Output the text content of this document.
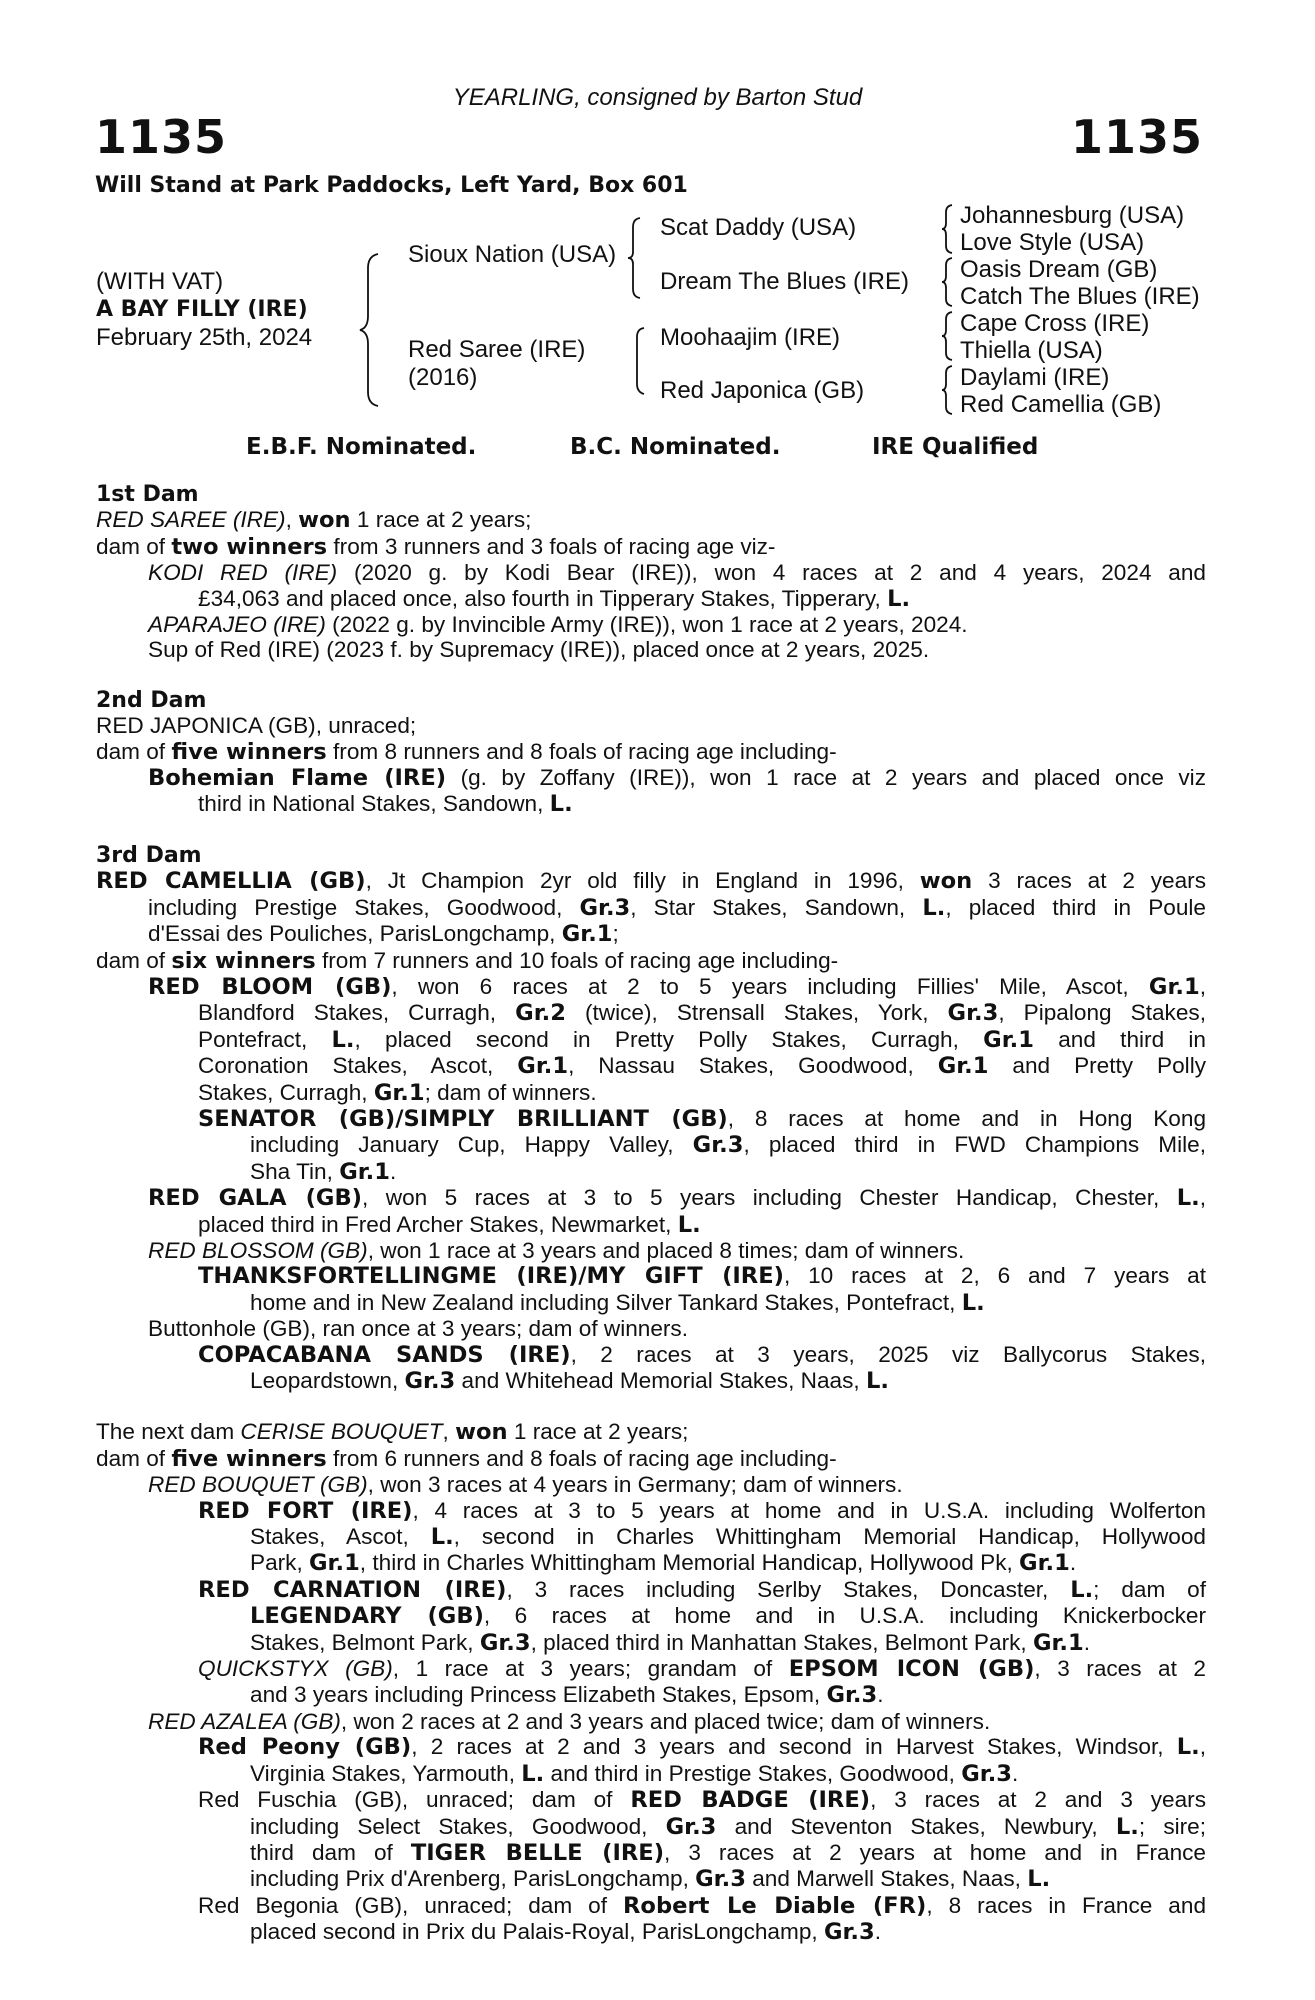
YEARLING, consigned by Barton Stud
1135	1135
Will Stand at Park Paddocks, Left Yard, Box 601
(WITH VAT)
A BAY FILLY (IRE)
February 25th, 2024
Sioux Nation (USA)
Red Saree (IRE)
(2016)
Scat Daddy (USA)
Dream The Blues (IRE)
Moohaajim (IRE)
Red Japonica (GB)
Johannesburg (USA)
Love Style (USA)
Oasis Dream (GB)
Catch The Blues (IRE)
Cape Cross (IRE)
Thiella (USA)
Daylami (IRE)
Red Camellia (GB)
E.B.F. Nominated.	B.C. Nominated.	IRE Qualified
1st Dam
RED SAREE (IRE), won 1 race at 2 years;
dam of two winners from 3 runners and 3 foals of racing age viz-
KODI RED (IRE) (2020 g. by Kodi Bear (IRE)), won 4 races at 2 and 4 years, 2024 and
£34,063 and placed once, also fourth in Tipperary Stakes, Tipperary, L.
APARAJEO (IRE) (2022 g. by Invincible Army (IRE)), won 1 race at 2 years, 2024.
Sup of Red (IRE) (2023 f. by Supremacy (IRE)), placed once at 2 years, 2025.
2nd Dam
RED JAPONICA (GB), unraced;
dam of five winners from 8 runners and 8 foals of racing age including-
Bohemian Flame (IRE) (g. by Zoffany (IRE)), won 1 race at 2 years and placed once viz
third in National Stakes, Sandown, L.
3rd Dam
RED CAMELLIA (GB), Jt Champion 2yr old filly in England in 1996, won 3 races at 2 years
including Prestige Stakes, Goodwood, Gr.3, Star Stakes, Sandown, L., placed third in Poule
d'Essai des Pouliches, ParisLongchamp, Gr.1;
dam of six winners from 7 runners and 10 foals of racing age including-
RED BLOOM (GB), won 6 races at 2 to 5 years including Fillies' Mile, Ascot, Gr.1,
Blandford Stakes, Curragh, Gr.2 (twice), Strensall Stakes, York, Gr.3, Pipalong Stakes,
Pontefract, L., placed second in Pretty Polly Stakes, Curragh, Gr.1 and third in
Coronation Stakes, Ascot, Gr.1, Nassau Stakes, Goodwood, Gr.1 and Pretty Polly
Stakes, Curragh, Gr.1; dam of winners.
SENATOR (GB)/SIMPLY BRILLIANT (GB), 8 races at home and in Hong Kong
including January Cup, Happy Valley, Gr.3, placed third in FWD Champions Mile,
Sha Tin, Gr.1.
RED GALA (GB), won 5 races at 3 to 5 years including Chester Handicap, Chester, L.,
placed third in Fred Archer Stakes, Newmarket, L.
RED BLOSSOM (GB), won 1 race at 3 years and placed 8 times; dam of winners.
THANKSFORTELLINGME (IRE)/MY GIFT (IRE), 10 races at 2, 6 and 7 years at
home and in New Zealand including Silver Tankard Stakes, Pontefract, L.
Buttonhole (GB), ran once at 3 years; dam of winners.
COPACABANA SANDS (IRE), 2 races at 3 years, 2025 viz Ballycorus Stakes,
Leopardstown, Gr.3 and Whitehead Memorial Stakes, Naas, L.
The next dam CERISE BOUQUET, won 1 race at 2 years;
dam of five winners from 6 runners and 8 foals of racing age including-
RED BOUQUET (GB), won 3 races at 4 years in Germany; dam of winners.
RED FORT (IRE), 4 races at 3 to 5 years at home and in U.S.A. including Wolferton
Stakes, Ascot, L., second in Charles Whittingham Memorial Handicap, Hollywood
Park, Gr.1, third in Charles Whittingham Memorial Handicap, Hollywood Pk, Gr.1.
RED CARNATION (IRE), 3 races including Serlby Stakes, Doncaster, L.; dam of
LEGENDARY (GB), 6 races at home and in U.S.A. including Knickerbocker
Stakes, Belmont Park, Gr.3, placed third in Manhattan Stakes, Belmont Park, Gr.1.
QUICKSTYX (GB), 1 race at 3 years; grandam of EPSOM ICON (GB), 3 races at 2
and 3 years including Princess Elizabeth Stakes, Epsom, Gr.3.
RED AZALEA (GB), won 2 races at 2 and 3 years and placed twice; dam of winners.
Red Peony (GB), 2 races at 2 and 3 years and second in Harvest Stakes, Windsor, L.,
Virginia Stakes, Yarmouth, L. and third in Prestige Stakes, Goodwood, Gr.3.
Red Fuschia (GB), unraced; dam of RED BADGE (IRE), 3 races at 2 and 3 years
including Select Stakes, Goodwood, Gr.3 and Steventon Stakes, Newbury, L.; sire;
third dam of TIGER BELLE (IRE), 3 races at 2 years at home and in France
including Prix d'Arenberg, ParisLongchamp, Gr.3 and Marwell Stakes, Naas, L.
Red Begonia (GB), unraced; dam of Robert Le Diable (FR), 8 races in France and
placed second in Prix du Palais-Royal, ParisLongchamp, Gr.3.
